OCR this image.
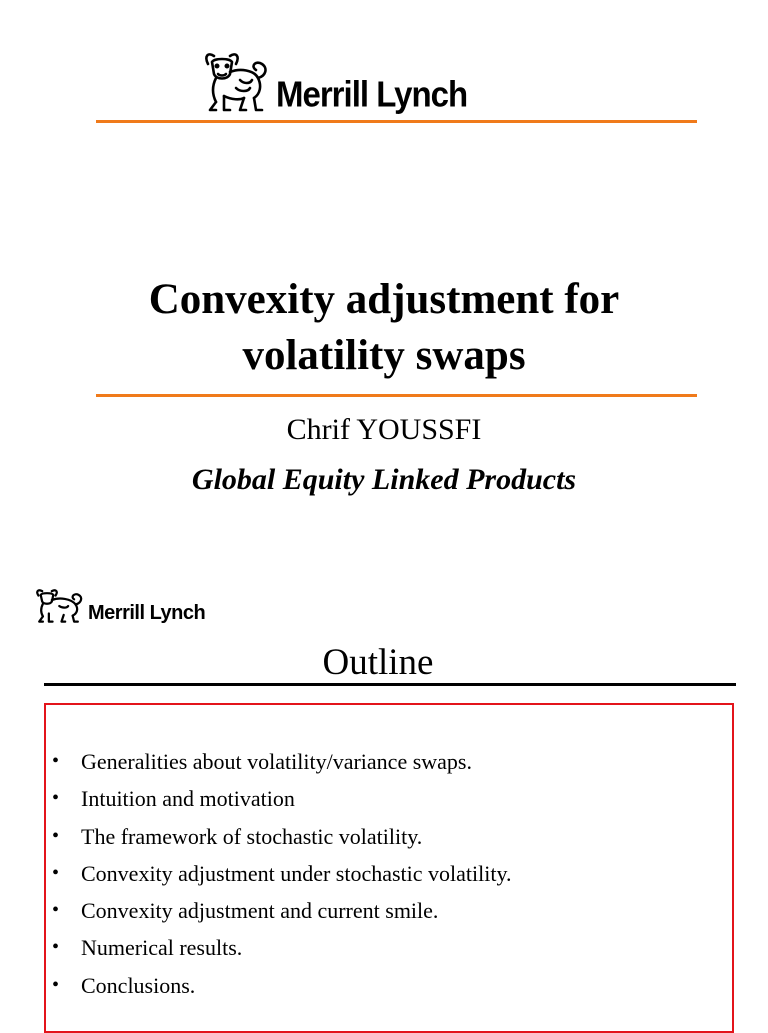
Merrill Lynch
Convexity adjustment for
volatility swaps
Chrif YOUSSFI
Global Equity Linked Products
Merrill Lynch
Outline
• Generalities about volatility/variance swaps.
• Intuition and motivation
• The framework of stochastic volatility.
• Convexity adjustment under stochastic volatility.
• Convexity adjustment and current smile.
• Numerical results.
• Conclusions.
